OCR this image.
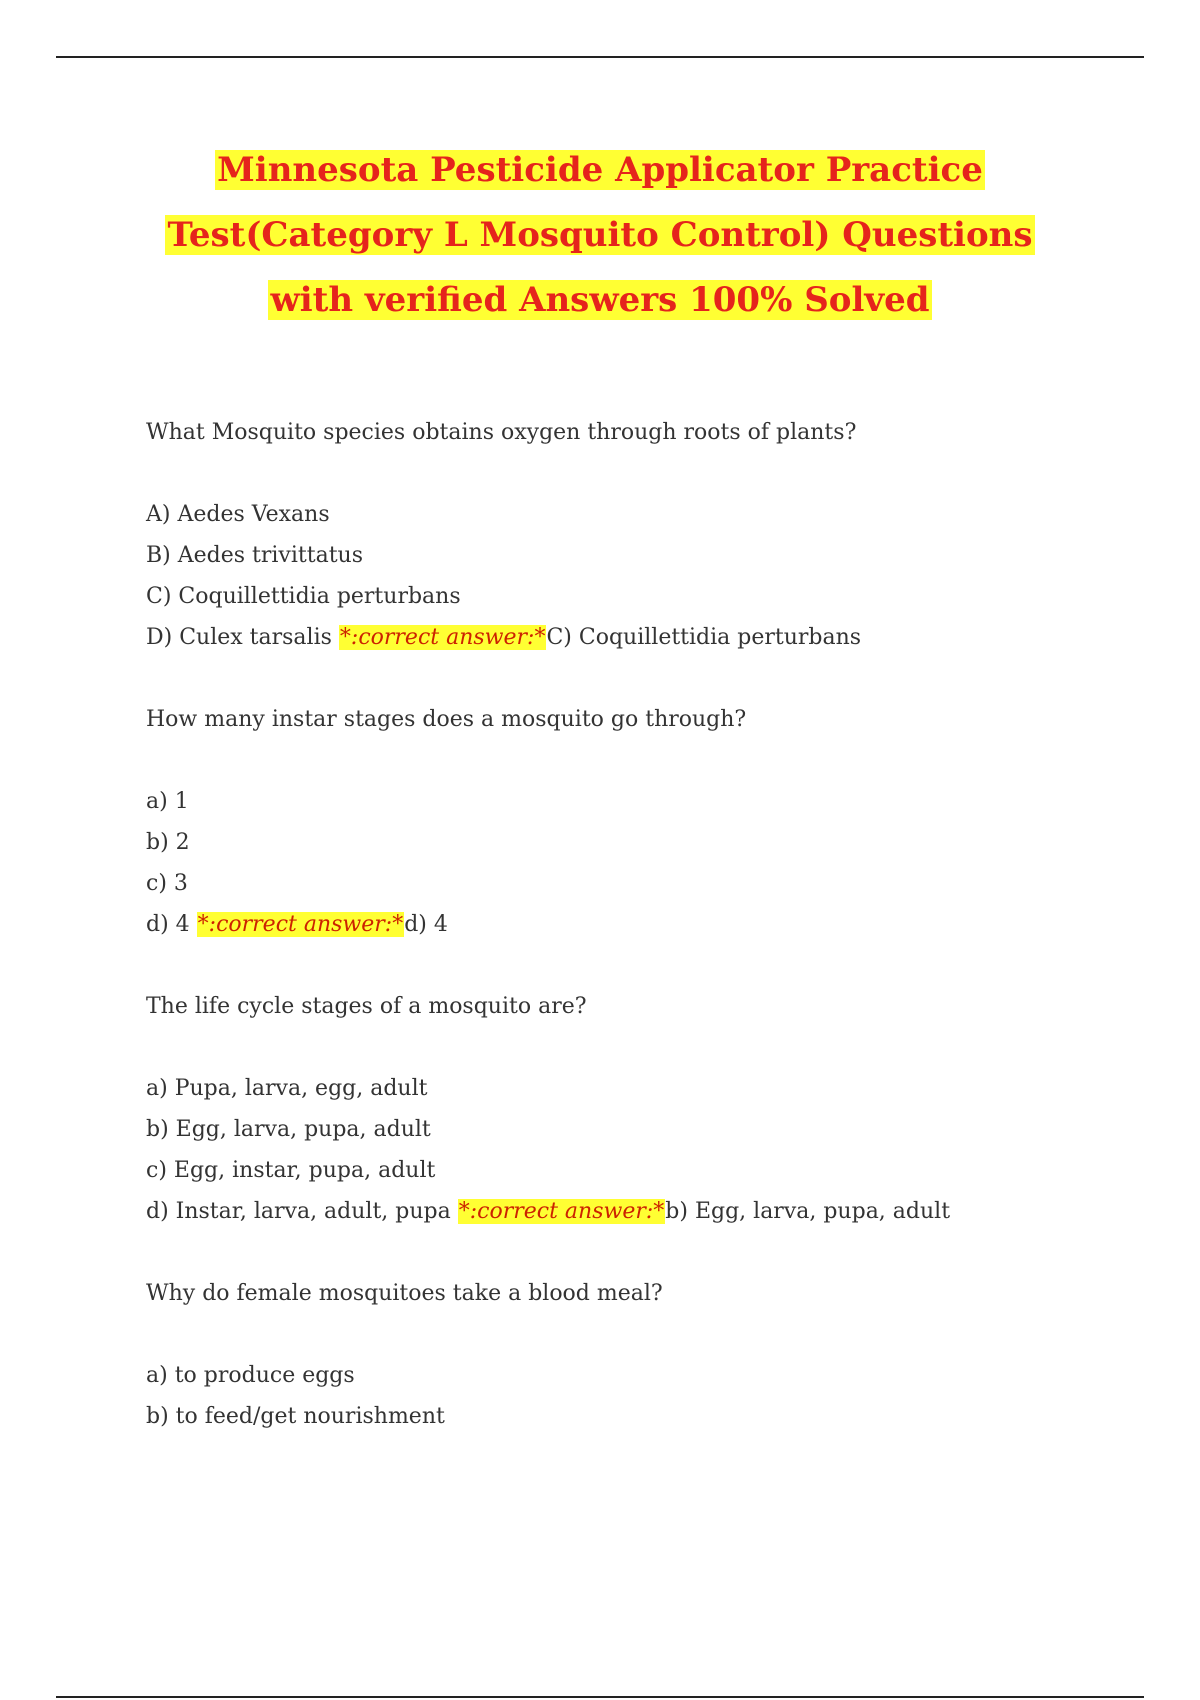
Minnesota Pesticide Applicator Practice
Test(Category L Mosquito Control) Questions
with verified Answers 100% Solved

What Mosquito species obtains oxygen through roots of plants?

A) Aedes Vexans

B) Aedes trivittatus

C) Coquillettidia perturbans

D) Culex tarsalis *:correct answer:*C) Coquillettidia perturbans

How many instar stages does a mosquito go through?

a) 1

b) 2

c) 3

d) 4 *:correct answer:*d) 4

The life cycle stages of a mosquito are?

a) Pupa, larva, egg, adult

b) Egg, larva, pupa, adult

c) Egg, instar, pupa, adult

d) Instar, larva, adult, pupa *:correct answer:*b) Egg, larva, pupa, adult

Why do female mosquitoes take a blood meal?

a) to produce eggs

b) to feed/get nourishment
